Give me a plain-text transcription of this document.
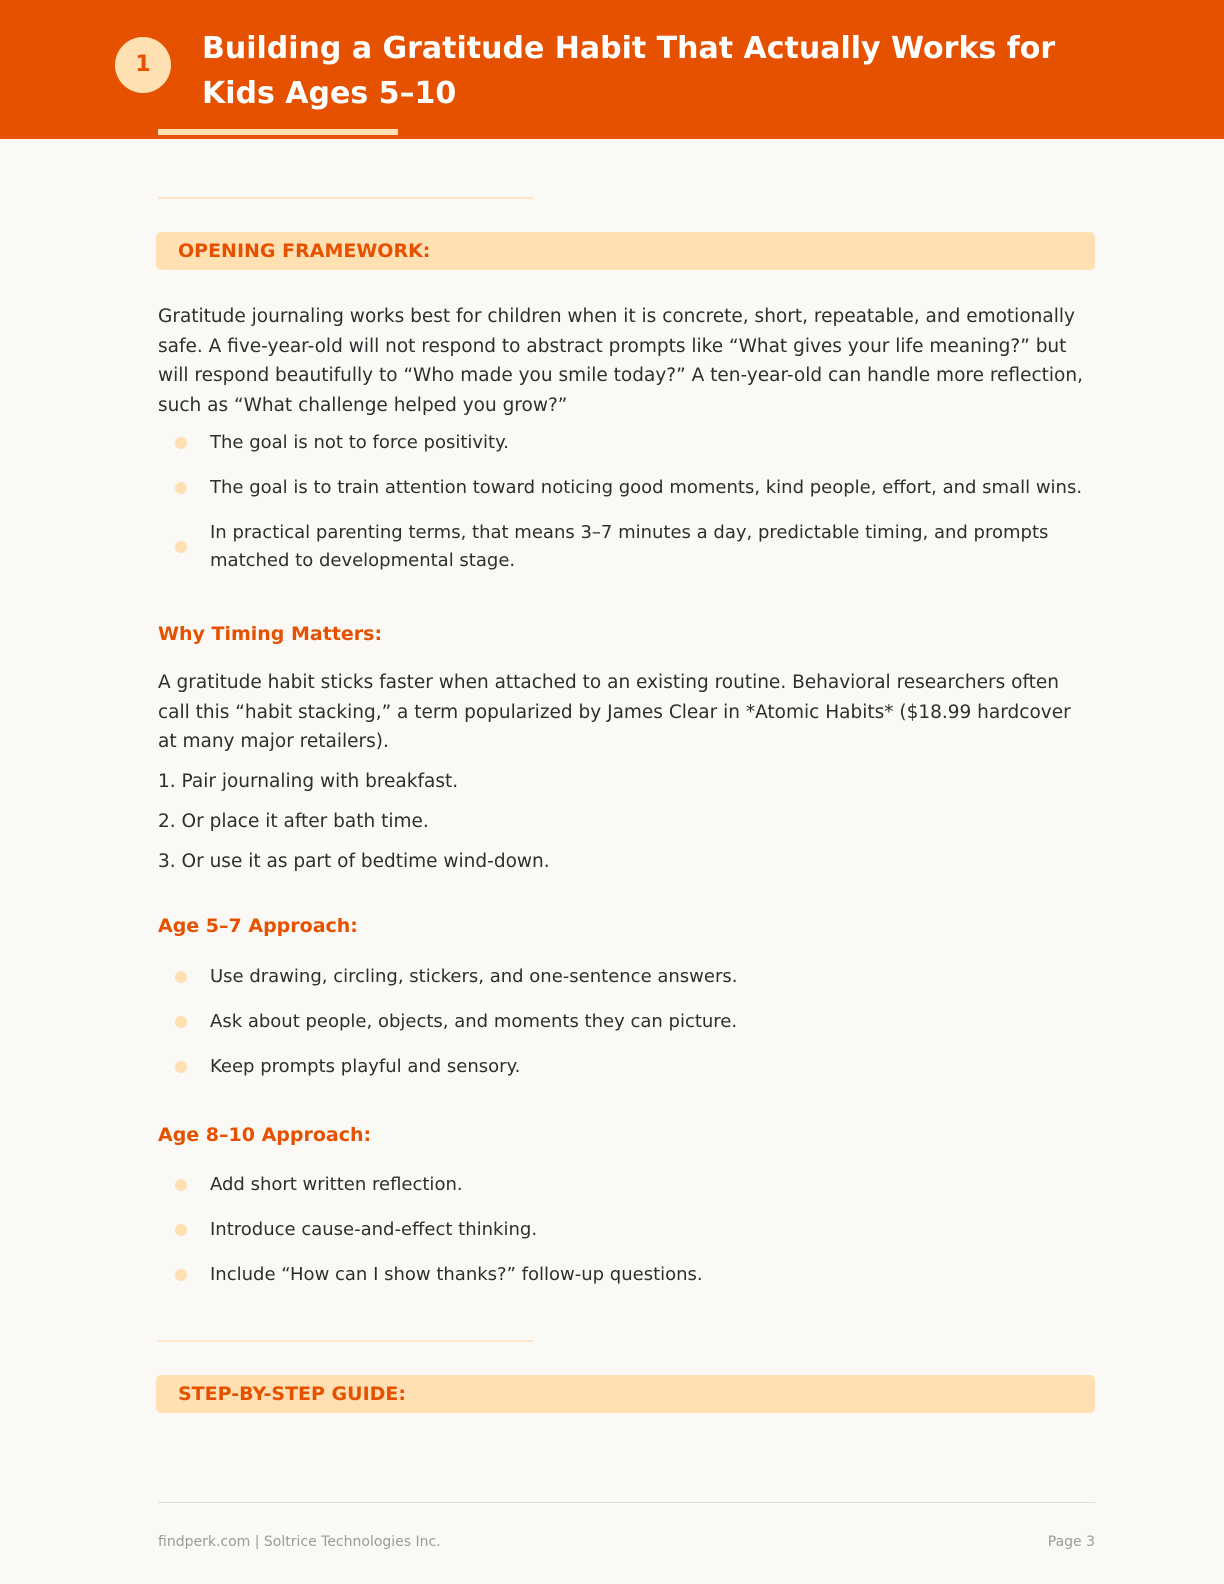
1	Building a Gratitude Habit That Actually Works for Kids Ages 5–10
OPENING FRAMEWORK:

Gratitude journaling works best for children when it is concrete, short, repeatable, and emotionally safe. A five-year-old will not respond to abstract prompts like “What gives your life meaning?” but will respond beautifully to “Who made you smile today?” A ten-year-old can handle more reflection, such as “What challenge helped you grow?”

The goal is not to force positivity.
The goal is to train attention toward noticing good moments, kind people, effort, and small wins.
In practical parenting terms, that means 3–7 minutes a day, predictable timing, and prompts matched to developmental stage.
Why Timing Matters:

A gratitude habit sticks faster when attached to an existing routine. Behavioral researchers often call this “habit stacking,” a term popularized by James Clear in *Atomic Habits* ($18.99 hardcover at many major retailers).

1. Pair journaling with breakfast.
2. Or place it after bath time.
3. Or use it as part of bedtime wind-down.
Age 5–7 Approach:
Use drawing, circling, stickers, and one-sentence answers.
Ask about people, objects, and moments they can picture.
Keep prompts playful and sensory.
Age 8–10 Approach:
Add short written reflection.
Introduce cause-and-effect thinking.
Include “How can I show thanks?” follow-up questions.
STEP-BY-STEP GUIDE:
findperk.com | Soltrice Technologies Inc.	Page 3
